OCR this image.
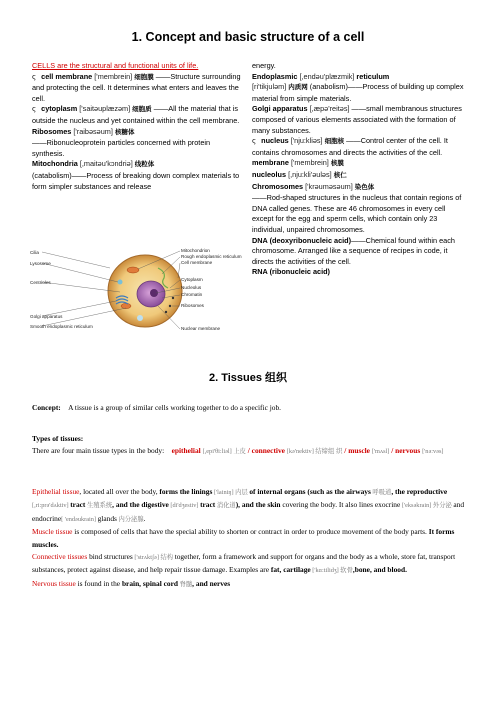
1. Concept and basic structure of a cell

CELLS are the structural and functional units of life.

ς cell membrane ['membrein] 细胞膜 ——Structure surrounding and protecting the cell. It determines what enters and leaves the cell.

ς cytoplasm ['saitəuplæzəm] 细胞质 ——All the material that is outside the nucleus and yet contained within the cell membrane.

Ribosomes ['raibəsəum] 核糖体
——Ribonucleoprotein particles concerned with protein synthesis.

Mitochondria [,maitəu'kɔndriə] 线粒体
(catabolism)——Process of breaking down complex materials to form simpler substances and release

Cilia
Lysosome
Centrioles
Golgi apparatus
Smooth endoplasmic reticulum
Mitochondrion
Rough endoplasmic reticulum
Cell membrane
Cytoplasm
Nucleolus
Chromatin
Ribosomes
Nuclear membrane

energy.

Endoplasmic [,endəu'plæzmik] reticulum
[ri'tikjuləm] 内质网 (anabolism)——Process of building up complex material from simple materials.

Golgi apparatus [,æpə'reitəs] ——small membranous structures composed of various elements associated with the formation of many substances.

ς nucleus ['nju:kliəs] 细胞核 ——Control center of the cell. It contains chromosomes and directs the activities of the cell.

membrane ['membrein] 核膜

nucleolus [,nju:kli'əuləs] 核仁

Chromosomes ['krəuməsəum] 染色体
——Rod-shaped structures in the nucleus that contain regions of DNA called genes. These are 46 chromosomes in every cell except for the egg and sperm cells, which contain only 23 individual, unpaired chromosomes.

DNA (deoxyribonucleic acid)——Chemical found within each chromosome. Arranged like a sequence of recipes in code, it directs the activities of the cell.

RNA (ribonucleic acid)

2. Tissues 组织

Concept: A tissue is a group of similar cells working together to do a specific job.

Types of tissues:

There are four main tissue types in the body: epithelial [,epi'θi:liəl] 上皮 / connective [kə'nektiv] 结缔组 织 / muscle ['mʌsl] / nervous ['nə:vəs]

Epithelial tissue, located all over the body, forms the linings ['lainiŋ] 内层 of internal organs (such as the airways 呼吸道, the reproductive [,ri:prə'dʌktiv] tract 生殖系统, and the digestive [di'dʒestiv] tract 消化道), and the skin covering the body. It also lines exocrine ['eksəkrain] 外分泌 and endocrine[ 'endəukrain] glands 内分泌腺.

Muscle tissue is composed of cells that have the special ability to shorten or contract in order to produce movement of the body parts. It forms muscles.

Connective tissues bind structures ['strʌktʃə] 结构 together, form a framework and support for organs and the body as a whole, store fat, transport substances, protect against disease, and help repair tissue damage. Examples are fat, cartilage ['kɑ:tilidʒ] 软骨,bone, and blood.

Nervous tissue is found in the brain, spinal cord 脊髓, and nerves
